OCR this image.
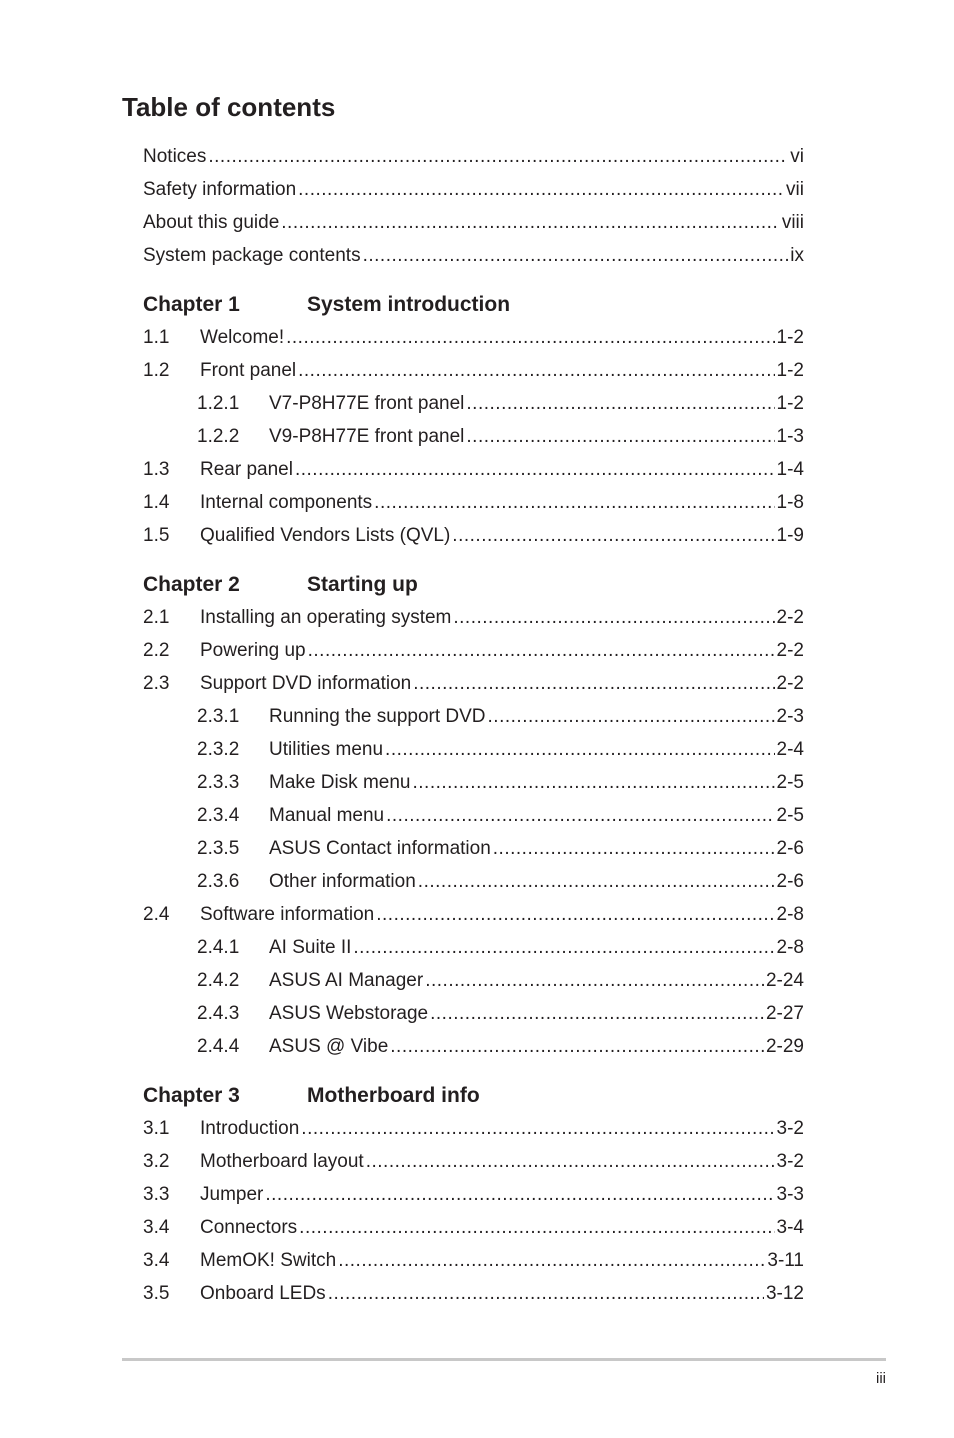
Table of contents
Notices .....	vi
Safety information .....	vii
About this guide .....	viii
System package contents .....	ix
Chapter 1	System introduction
1.1	Welcome! .....	1-2
1.2	Front panel .....	1-2
1.2.1	V7-P8H77E front panel .....	1-2
1.2.2	V9-P8H77E front panel .....	1-3
1.3	Rear panel .....	1-4
1.4	Internal components .....	1-8
1.5	Qualified Vendors Lists (QVL) .....	1-9
Chapter 2	Starting up
2.1	Installing an operating system .....	2-2
2.2	Powering up .....	2-2
2.3	Support DVD information .....	2-2
2.3.1	Running the support DVD .....	2-3
2.3.2	Utilities menu .....	2-4
2.3.3	Make Disk menu .....	2-5
2.3.4	Manual menu .....	2-5
2.3.5	ASUS Contact information .....	2-6
2.3.6	Other information .....	2-6
2.4	Software information .....	2-8
2.4.1	AI Suite II .....	2-8
2.4.2	ASUS AI Manager .....	2-24
2.4.3	ASUS Webstorage .....	2-27
2.4.4	ASUS @ Vibe .....	2-29
Chapter 3	Motherboard info
3.1	Introduction .....	3-2
3.2	Motherboard layout .....	3-2
3.3	Jumper .....	3-3
3.4	Connectors .....	3-4
3.4	MemOK! Switch .....	3-11
3.5	Onboard LEDs .....	3-12
iii
